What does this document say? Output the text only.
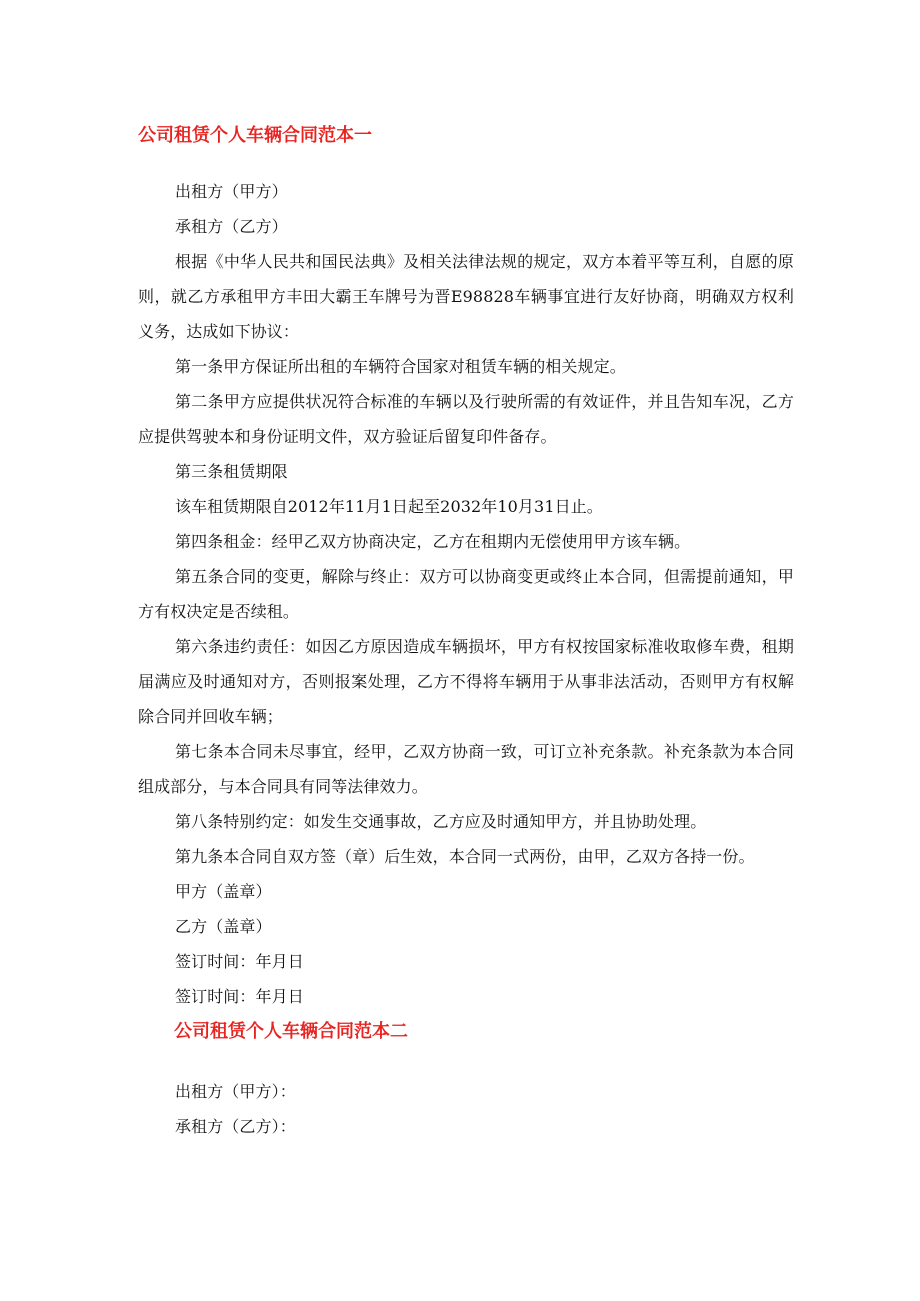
公司租赁个人车辆合同范本一

出租方（甲方）

承租方（乙方）

根据《中华人民共和国民法典》及相关法律法规的规定，双方本着平等互利，自愿的原则，就乙方承租甲方丰田大霸王车牌号为晋E98828车辆事宜进行友好协商，明确双方权利义务，达成如下协议：

第一条甲方保证所出租的车辆符合国家对租赁车辆的相关规定。

第二条甲方应提供状况符合标准的车辆以及行驶所需的有效证件，并且告知车况，乙方应提供驾驶本和身份证明文件，双方验证后留复印件备存。

第三条租赁期限

该车租赁期限自2012年11月1日起至2032年10月31日止。

第四条租金：经甲乙双方协商决定，乙方在租期内无偿使用甲方该车辆。

第五条合同的变更，解除与终止：双方可以协商变更或终止本合同，但需提前通知，甲方有权决定是否续租。

第六条违约责任：如因乙方原因造成车辆损坏，甲方有权按国家标准收取修车费，租期届满应及时通知对方，否则报案处理，乙方不得将车辆用于从事非法活动，否则甲方有权解除合同并回收车辆；

第七条本合同未尽事宜，经甲，乙双方协商一致，可订立补充条款。补充条款为本合同组成部分，与本合同具有同等法律效力。

第八条特别约定：如发生交通事故，乙方应及时通知甲方，并且协助处理。

第九条本合同自双方签（章）后生效，本合同一式两份，由甲，乙双方各持一份。

甲方（盖章）

乙方（盖章）

签订时间：年月日

签订时间：年月日

公司租赁个人车辆合同范本二

出租方（甲方）：

承租方（乙方）：
